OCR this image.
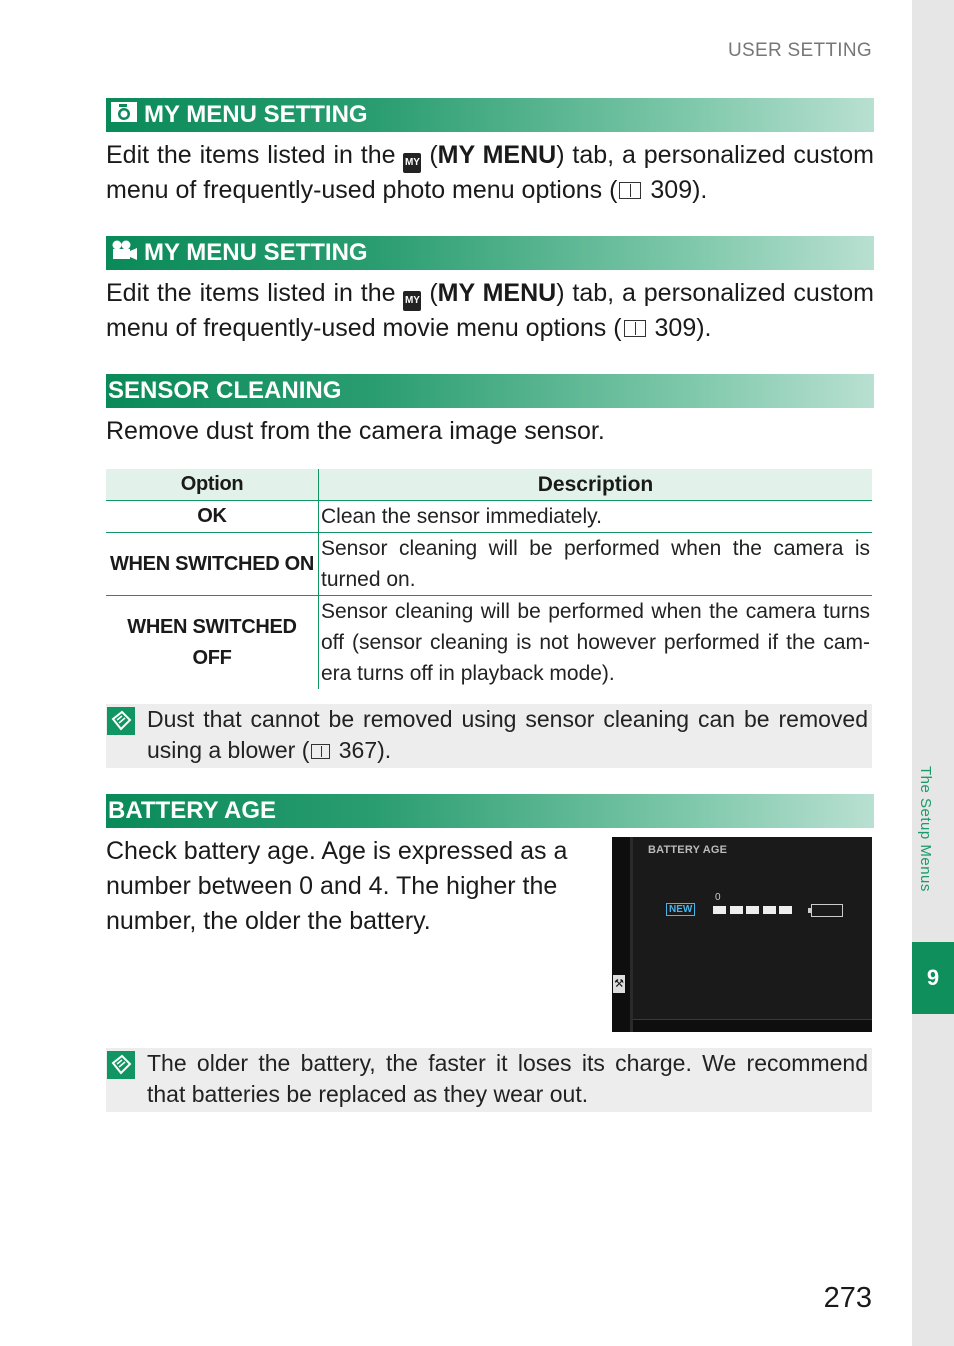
USER SETTING
The Setup Menus
9
MY MENU SETTING
Edit the items listed in the MY (MY MENU) tab, a personalized custom menu of frequently-used photo menu options ( 309).
MY MENU SETTING
Edit the items listed in the MY (MY MENU) tab, a personalized custom menu of frequently-used movie menu options ( 309).
SENSOR CLEANING
Remove dust from the camera image sensor.
Option	Description
OK	Clean the sensor immediately.
WHEN SWITCHED ON	Sensor cleaning will be performed when the camera is turned on.
WHEN SWITCHED OFF	Sensor cleaning will be performed when the camera turns off (sensor cleaning is not however performed if the camera turns off in playback mode).
Dust that cannot be removed using sensor cleaning can be removed using a blower ( 367).
BATTERY AGE
Check battery age. Age is expressed as a number between 0 and 4. The higher the number, the older the battery.
⚒
BATTERY AGE
0
NEW
The older the battery, the faster it loses its charge. We recommend that batteries be replaced as they wear out.
273
